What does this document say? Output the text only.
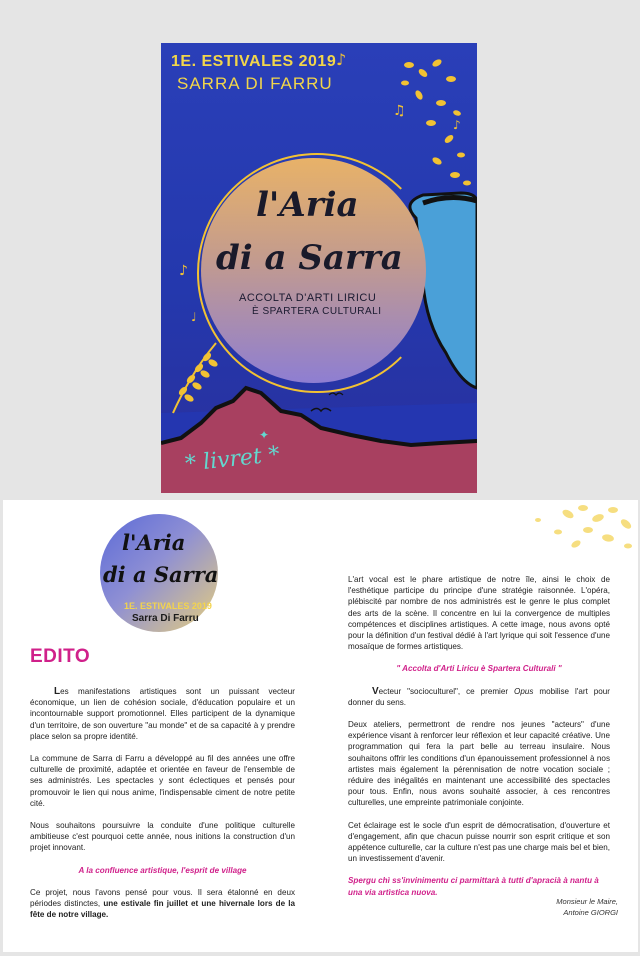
♪
♫
♪
♩
♪
✦
1E. ESTIVALES 2019
SARRA DI FARRU
l'Aria
di a Sarra
ACCOLTA D'ARTI LIRICU
È SPARTERA CULTURALI
* livret *
l'Aria
di a Sarra
1E. ESTIVALES 2019
Sarra Di Farru
EDITO

Les manifestations artistiques sont un puissant vecteur économique, un lien de cohésion sociale, d'éducation populaire et un incontournable support promotionnel. Elles participent de la dynamique d'un territoire, de son ouverture "au monde" et de sa capacité à y prendre place selon sa propre identité.

La commune de Sarra di Farru a développé au fil des années une offre culturelle de proximité, adaptée et orientée en faveur de l'ensemble de ses administrés. Les spectacles y sont éclectiques et pensés pour promouvoir le lien qui nous anime, l'indispensable ciment de notre petite cité.

Nous souhaitons poursuivre la conduite d'une politique culturelle ambitieuse c'est pourquoi cette année, nous initions la construction d'un projet innovant.

A la confluence artistique, l'esprit de village

Ce projet, nous l'avons pensé pour vous. Il sera étalonné en deux périodes distinctes, une estivale fin juillet et une hivernale lors de la fête de notre village.

L'art vocal est le phare artistique de notre île, ainsi le choix de l'esthétique participe du principe d'une stratégie raisonnée. L'opéra, plébiscité par nombre de nos administrés est le genre le plus complet des arts de la scène. Il concentre en lui la convergence de multiples compétences et disciplines artistiques. A cette image, nous avons opté pour la définition d'un festival dédié à l'art lyrique qui soit l'essence d'une mosaïque de formes artistiques.

" Accolta d'Arti Liricu è Spartera Culturali "

Vecteur "socioculturel", ce premier Opus mobilise l'art pour donner du sens.

Deux ateliers, permettront de rendre nos jeunes "acteurs" d'une expérience visant à renforcer leur réflexion et leur capacité créative. Une programmation qui fera la part belle au terreau insulaire. Nous souhaitons offrir les conditions d'un épanouissement professionnel à nos artistes mais également la pérennisation de notre vocation sociale ; réduire des inégalités en maintenant une accessibilité des spectacles pour tous. Enfin, nous avons souhaité associer, à ces rencontres culturelles, une empreinte patrimoniale conjointe.

Cet éclairage est le socle d'un esprit de démocratisation, d'ouverture et d'engagement, afin que chacun puisse nourrir son esprit critique et son appétence culturelle, car la culture n'est pas une charge mais bel et bien, un investissement d'avenir.

Spergu chì ss'invinimentu ci parmittarà à tutti d'apracià à nantu à una via artìstica nuova.

Monsieur le Maire,
Antoine GIORGI
